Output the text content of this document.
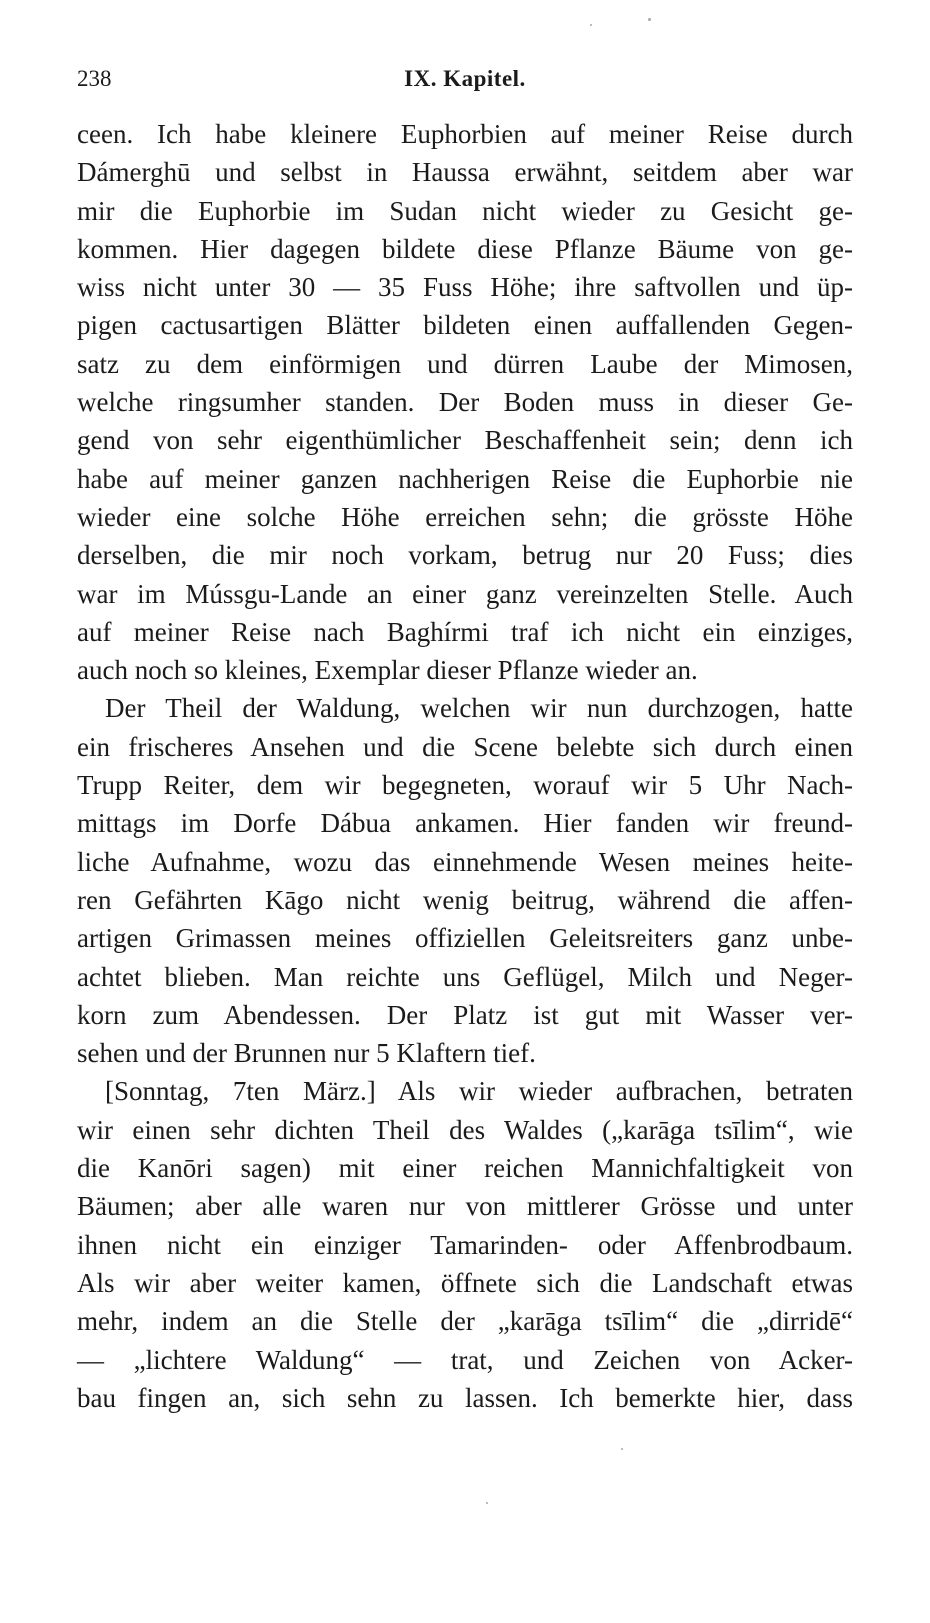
238	IX. Kapitel.
ceen. Ich habe kleinere Euphorbien auf meiner Reise durch
Dámerghū und selbst in Haussa erwähnt, seitdem aber war
mir die Euphorbie im Sudan nicht wieder zu Gesicht ge-
kommen. Hier dagegen bildete diese Pflanze Bäume von ge-
wiss nicht unter 30 — 35 Fuss Höhe; ihre saftvollen und üp-
pigen cactusartigen Blätter bildeten einen auffallenden Gegen-
satz zu dem einförmigen und dürren Laube der Mimosen,
welche ringsumher standen. Der Boden muss in dieser Ge-
gend von sehr eigenthümlicher Beschaffenheit sein; denn ich
habe auf meiner ganzen nachherigen Reise die Euphorbie nie
wieder eine solche Höhe erreichen sehn; die grösste Höhe
derselben, die mir noch vorkam, betrug nur 20 Fuss; dies
war im Mússgu-Lande an einer ganz vereinzelten Stelle. Auch
auf meiner Reise nach Baghírmi traf ich nicht ein einziges,
auch noch so kleines, Exemplar dieser Pflanze wieder an.
Der Theil der Waldung, welchen wir nun durchzogen, hatte
ein frischeres Ansehen und die Scene belebte sich durch einen
Trupp Reiter, dem wir begegneten, worauf wir 5 Uhr Nach-
mittags im Dorfe Dábua ankamen. Hier fanden wir freund-
liche Aufnahme, wozu das einnehmende Wesen meines heite-
ren Gefährten Kāgo nicht wenig beitrug, während die affen-
artigen Grimassen meines offiziellen Geleitsreiters ganz unbe-
achtet blieben. Man reichte uns Geflügel, Milch und Neger-
korn zum Abendessen. Der Platz ist gut mit Wasser ver-
sehen und der Brunnen nur 5 Klaftern tief.
[Sonntag, 7ten März.] Als wir wieder aufbrachen, betraten
wir einen sehr dichten Theil des Waldes („karāga tsīlim“, wie
die Kanōri sagen) mit einer reichen Mannichfaltigkeit von
Bäumen; aber alle waren nur von mittlerer Grösse und unter
ihnen nicht ein einziger Tamarinden- oder Affenbrodbaum.
Als wir aber weiter kamen, öffnete sich die Landschaft etwas
mehr, indem an die Stelle der „karāga tsīlim“ die „dirridē“
— „lichtere Waldung“ — trat, und Zeichen von Acker-
bau fingen an, sich sehn zu lassen. Ich bemerkte hier, dass
